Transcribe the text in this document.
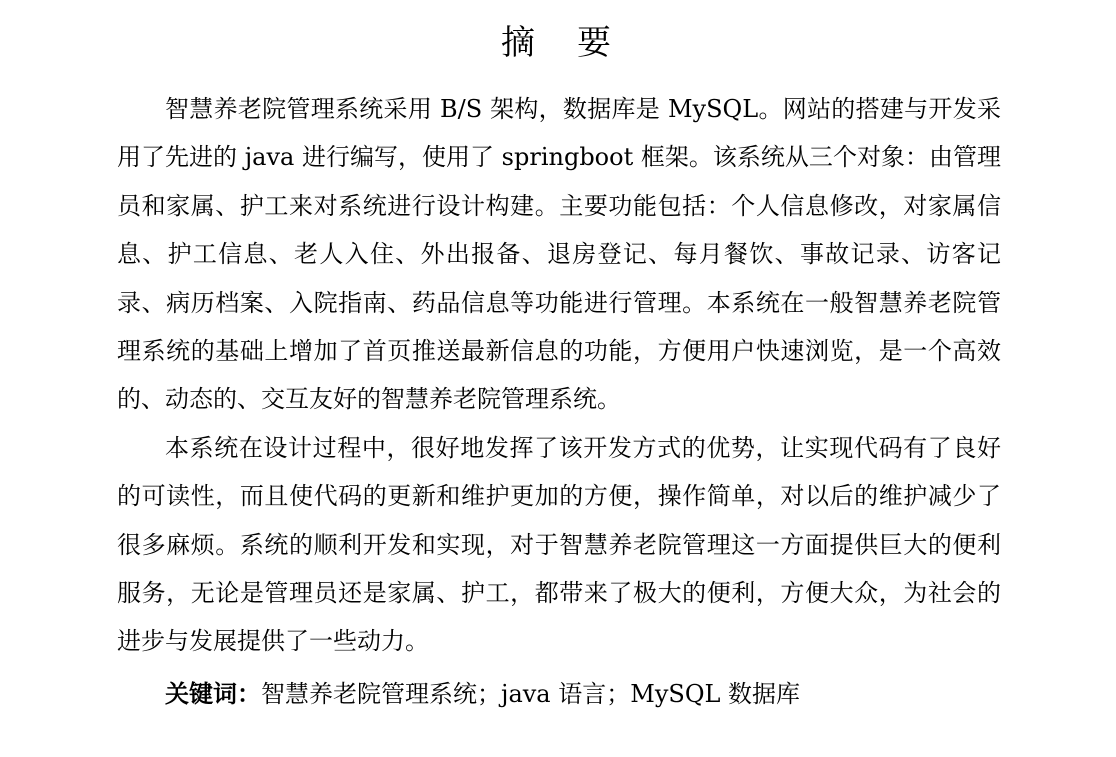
摘　要

智慧养老院管理系统采用 B/S 架构，数据库是 MySQL。网站的搭建与开发采用了先进的 java 进行编写，使用了 springboot 框架。该系统从三个对象：由管理员和家属、护工来对系统进行设计构建。主要功能包括：个人信息修改，对家属信息、护工信息、老人入住、外出报备、退房登记、每月餐饮、事故记录、访客记录、病历档案、入院指南、药品信息等功能进行管理。本系统在一般智慧养老院管理系统的基础上增加了首页推送最新信息的功能，方便用户快速浏览，是一个高效的、动态的、交互友好的智慧养老院管理系统。

本系统在设计过程中，很好地发挥了该开发方式的优势，让实现代码有了良好的可读性，而且使代码的更新和维护更加的方便，操作简单，对以后的维护减少了很多麻烦。系统的顺利开发和实现，对于智慧养老院管理这一方面提供巨大的便利服务，无论是管理员还是家属、护工，都带来了极大的便利，方便大众，为社会的进步与发展提供了一些动力。

关键词：智慧养老院管理系统；java 语言；MySQL 数据库
